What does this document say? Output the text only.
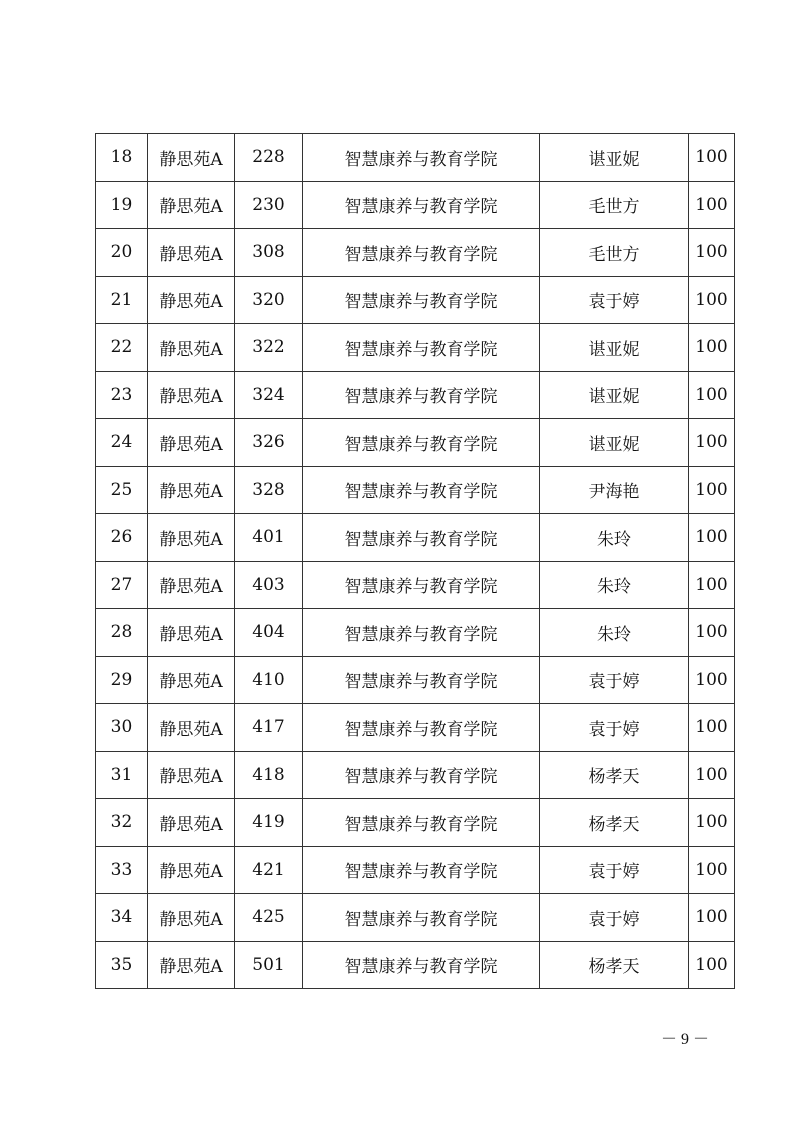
18	静思苑A	228	智慧康养与教育学院	谌亚妮	100
19	静思苑A	230	智慧康养与教育学院	毛世方	100
20	静思苑A	308	智慧康养与教育学院	毛世方	100
21	静思苑A	320	智慧康养与教育学院	袁于婷	100
22	静思苑A	322	智慧康养与教育学院	谌亚妮	100
23	静思苑A	324	智慧康养与教育学院	谌亚妮	100
24	静思苑A	326	智慧康养与教育学院	谌亚妮	100
25	静思苑A	328	智慧康养与教育学院	尹海艳	100
26	静思苑A	401	智慧康养与教育学院	朱玲	100
27	静思苑A	403	智慧康养与教育学院	朱玲	100
28	静思苑A	404	智慧康养与教育学院	朱玲	100
29	静思苑A	410	智慧康养与教育学院	袁于婷	100
30	静思苑A	417	智慧康养与教育学院	袁于婷	100
31	静思苑A	418	智慧康养与教育学院	杨孝天	100
32	静思苑A	419	智慧康养与教育学院	杨孝天	100
33	静思苑A	421	智慧康养与教育学院	袁于婷	100
34	静思苑A	425	智慧康养与教育学院	袁于婷	100
35	静思苑A	501	智慧康养与教育学院	杨孝天	100
－ 9 －
